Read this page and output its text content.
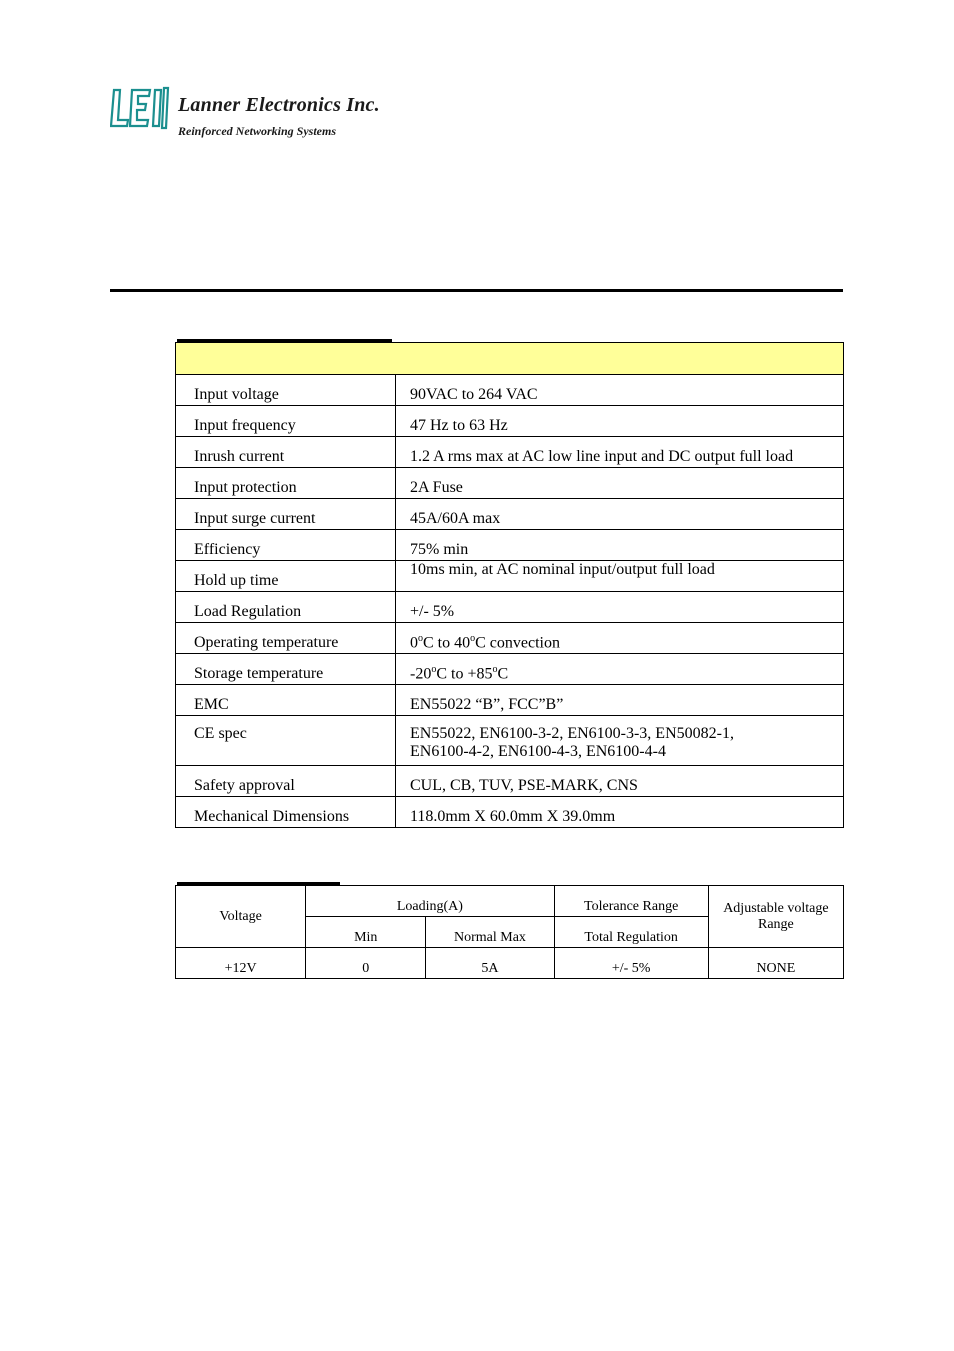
Lanner Electronics Inc.
Reinforced Networking Systems

Input voltage	90VAC to 264 VAC
Input frequency	47 Hz to 63 Hz
Inrush current	1.2 A rms max at AC low line input and DC output full load
Input protection	2A Fuse
Input surge current	45A/60A max
Efficiency	75% min
Hold up time	10ms min, at AC nominal input/output full load
Load Regulation	+/- 5%
Operating temperature	0$^o$C to 40$^o$C convection
Storage temperature	-20$^o$C to $+85^oC$
EMC	EN55022 “B”, FCC”B”
CE spec	EN55022, EN6100-3-2, EN6100-3-3, EN50082-1,
EN6100-4-2, EN6100-4-3, EN6100-4-4

Safety approval	CUL, CB, TUV, PSE-MARK, CNS
Mechanical Dimensions	118.0mm X 60.0mm X 39.0mm
Voltage	Loading(A)		Tolerance Range	Adjustable voltage
Range

	Min	Normal Max	Total Regulation	
+12V	0	5A	+/- 5%	NONE
